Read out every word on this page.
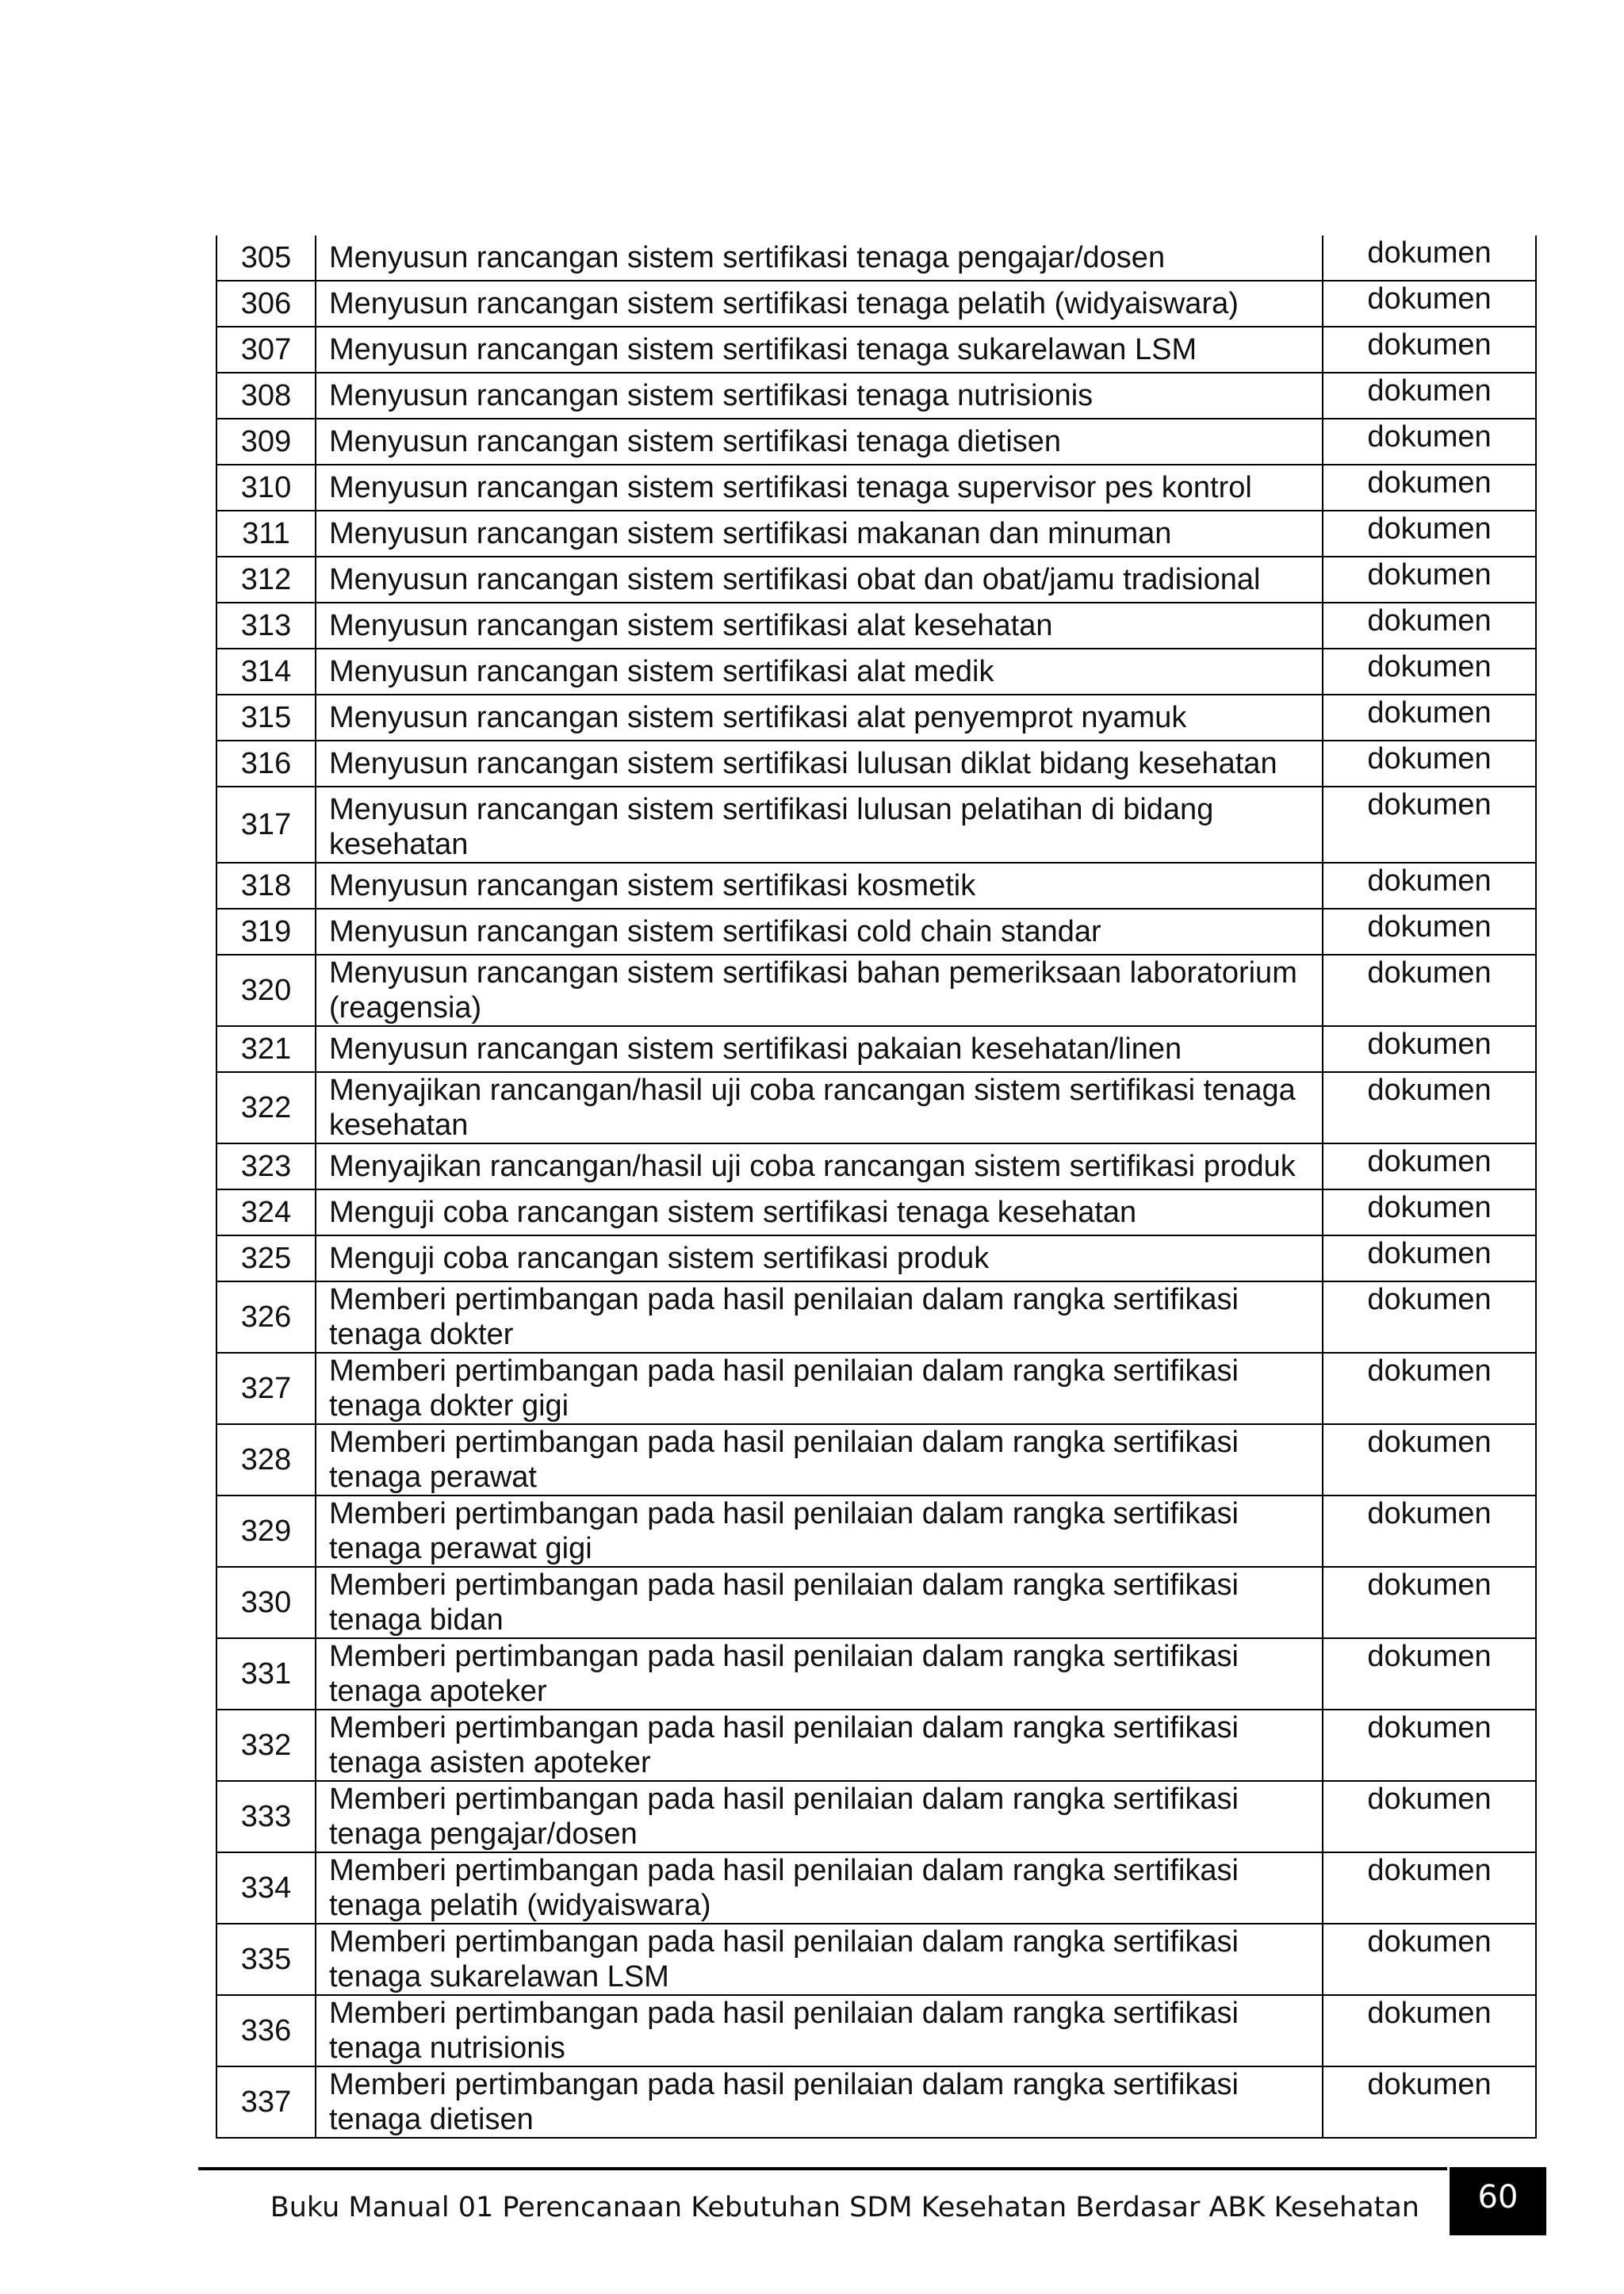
305	Menyusun rancangan sistem sertifikasi tenaga pengajar/dosen	dokumen
306	Menyusun rancangan sistem sertifikasi tenaga pelatih (widyaiswara)	dokumen
307	Menyusun rancangan sistem sertifikasi tenaga sukarelawan LSM	dokumen
308	Menyusun rancangan sistem sertifikasi tenaga nutrisionis	dokumen
309	Menyusun rancangan sistem sertifikasi tenaga dietisen	dokumen
310	Menyusun rancangan sistem sertifikasi tenaga supervisor pes kontrol	dokumen
311	Menyusun rancangan sistem sertifikasi makanan dan minuman	dokumen
312	Menyusun rancangan sistem sertifikasi obat dan obat/jamu tradisional	dokumen
313	Menyusun rancangan sistem sertifikasi alat kesehatan	dokumen
314	Menyusun rancangan sistem sertifikasi alat medik	dokumen
315	Menyusun rancangan sistem sertifikasi alat penyemprot nyamuk	dokumen
316	Menyusun rancangan sistem sertifikasi lulusan diklat bidang kesehatan	dokumen
317	Menyusun rancangan sistem sertifikasi lulusan pelatihan di bidang kesehatan	dokumen
318	Menyusun rancangan sistem sertifikasi kosmetik	dokumen
319	Menyusun rancangan sistem sertifikasi cold chain standar	dokumen
320	Menyusun rancangan sistem sertifikasi bahan pemeriksaan laboratorium (reagensia)	dokumen
321	Menyusun rancangan sistem sertifikasi pakaian kesehatan/linen	dokumen
322	Menyajikan rancangan/hasil uji coba rancangan sistem sertifikasi tenaga kesehatan	dokumen
323	Menyajikan rancangan/hasil uji coba rancangan sistem sertifikasi produk	dokumen
324	Menguji coba rancangan sistem sertifikasi tenaga kesehatan	dokumen
325	Menguji coba rancangan sistem sertifikasi produk	dokumen
326	Memberi pertimbangan pada hasil penilaian dalam rangka sertifikasi tenaga dokter	dokumen
327	Memberi pertimbangan pada hasil penilaian dalam rangka sertifikasi tenaga dokter gigi	dokumen
328	Memberi pertimbangan pada hasil penilaian dalam rangka sertifikasi tenaga perawat	dokumen
329	Memberi pertimbangan pada hasil penilaian dalam rangka sertifikasi tenaga perawat gigi	dokumen
330	Memberi pertimbangan pada hasil penilaian dalam rangka sertifikasi tenaga bidan	dokumen
331	Memberi pertimbangan pada hasil penilaian dalam rangka sertifikasi tenaga apoteker	dokumen
332	Memberi pertimbangan pada hasil penilaian dalam rangka sertifikasi tenaga asisten apoteker	dokumen
333	Memberi pertimbangan pada hasil penilaian dalam rangka sertifikasi tenaga pengajar/dosen	dokumen
334	Memberi pertimbangan pada hasil penilaian dalam rangka sertifikasi tenaga pelatih (widyaiswara)	dokumen
335	Memberi pertimbangan pada hasil penilaian dalam rangka sertifikasi tenaga sukarelawan LSM	dokumen
336	Memberi pertimbangan pada hasil penilaian dalam rangka sertifikasi tenaga nutrisionis	dokumen
337	Memberi pertimbangan pada hasil penilaian dalam rangka sertifikasi tenaga dietisen	dokumen
Buku Manual 01 Perencanaan Kebutuhan SDM Kesehatan Berdasar ABK Kesehatan	60
